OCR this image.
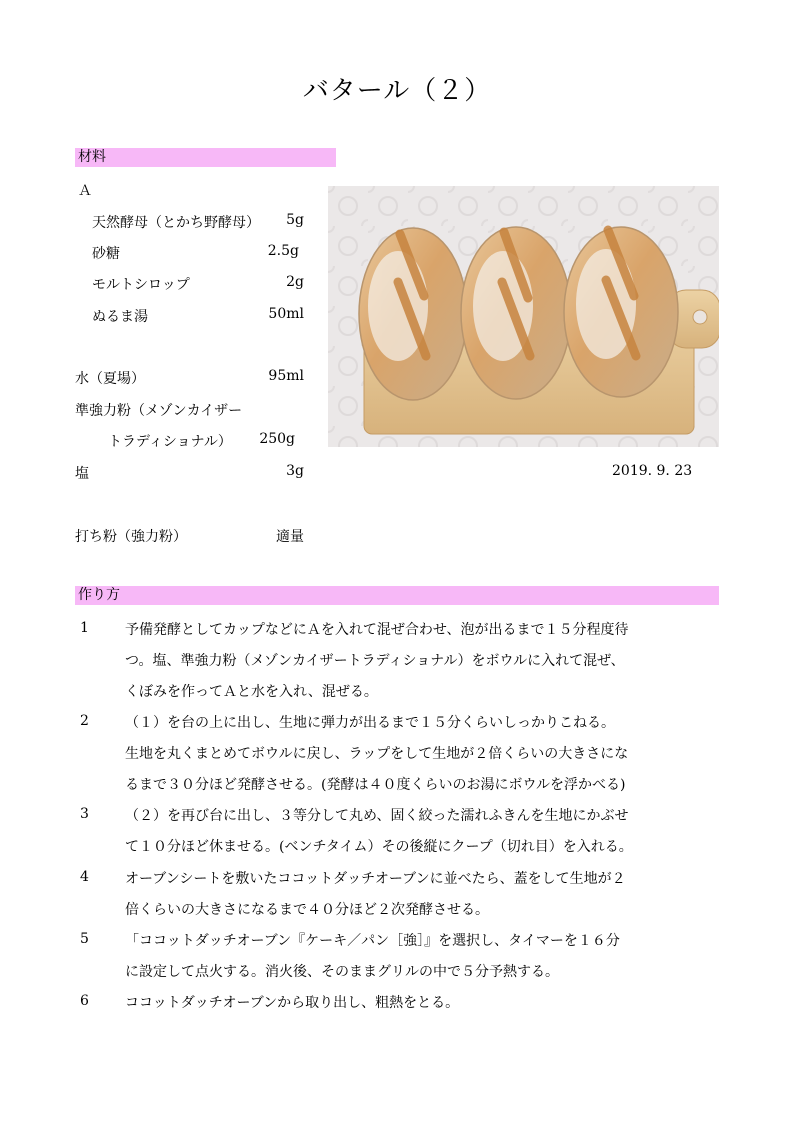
バタール（２）
材料
Ａ
天然酵母（とかち野酵母） 5g
砂糖	2.5g
モルトシロップ	2g
ぬるま湯	50ml
水（夏場）	95ml
準強力粉（メゾンカイザー
トラディショナル） 250g
塩	3g
打ち粉（強力粉）	適量
2019. 9. 23
作り方
1	予備発酵としてカップなどにＡを入れて混ぜ合わせ、泡が出るまで１５分程度待
つ。塩、準強力粉（メゾンカイザートラディショナル）をボウルに入れて混ぜ、
くぼみを作ってＡと水を入れ、混ぜる。
2	（１）を台の上に出し、生地に弾力が出るまで１５分くらいしっかりこねる。
生地を丸くまとめてボウルに戻し、ラップをして生地が２倍くらいの大きさにな
るまで３０分ほど発酵させる。(発酵は４０度くらいのお湯にボウルを浮かべる)
3	（２）を再び台に出し、３等分して丸め、固く絞った濡れふきんを生地にかぶせ
て１０分ほど休ませる。(ベンチタイム）その後縦にクープ（切れ目）を入れる。
4	オーブンシートを敷いたココットダッチオーブンに並べたら、蓋をして生地が２
倍くらいの大きさになるまで４０分ほど２次発酵させる。
5	「ココットダッチオーブン『ケーキ／パン［強］』を選択し、タイマーを１６分
に設定して点火する。消火後、そのままグリルの中で５分予熱する。
6	ココットダッチオーブンから取り出し、粗熱をとる。
